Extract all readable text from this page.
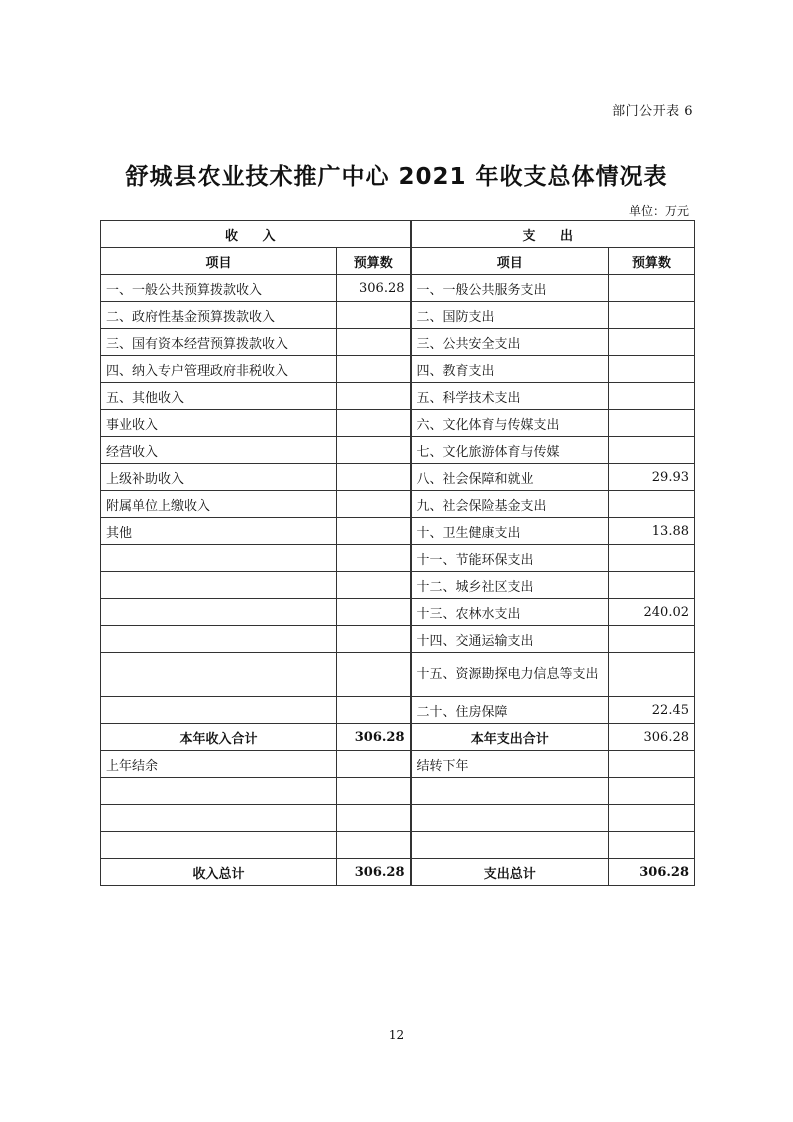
部门公开表 6
舒城县农业技术推广中心 2021 年收支总体情况表
单位：万元
收 入		支 出	
项目	预算数	项目	预算数
一、一般公共预算拨款收入	306.28	一、一般公共服务支出	
二、政府性基金预算拨款收入		二、国防支出	
三、国有资本经营预算拨款收入		三、公共安全支出	
四、纳入专户管理政府非税收入		四、教育支出	
五、其他收入		五、科学技术支出	
事业收入		六、文化体育与传媒支出	
经营收入		七、文化旅游体育与传媒	
上级补助收入		八、社会保障和就业	29.93
附属单位上缴收入		九、社会保险基金支出	
其他		十、卫生健康支出	13.88
		十一、节能环保支出	
		十二、城乡社区支出	
		十三、农林水支出	240.02
		十四、交通运输支出	
		十五、资源勘探电力信息等支出	
		二十、住房保障	22.45
本年收入合计	306.28	本年支出合计	306.28
上年结余		结转下年	

收入总计	306.28	支出总计	306.28
12
